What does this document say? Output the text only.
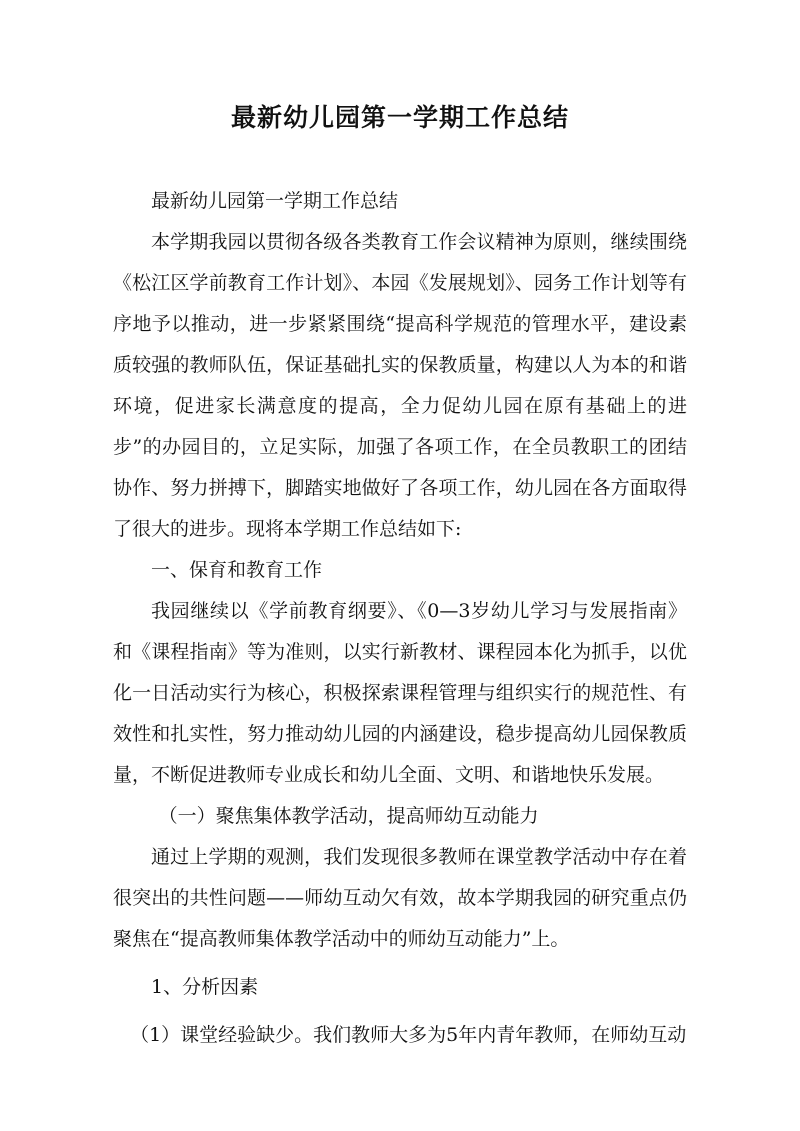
最新幼儿园第一学期工作总结

最新幼儿园第一学期工作总结

本学期我园以贯彻各级各类教育工作会议精神为原则，继续围绕《松江区学前教育工作计划》、本园《发展规划》、园务工作计划等有序地予以推动，进一步紧紧围绕“提高科学规范的管理水平，建设素质较强的教师队伍，保证基础扎实的保教质量，构建以人为本的和谐环境，促进家长满意度的提高，全力促幼儿园在原有基础上的进步”的办园目的，立足实际，加强了各项工作，在全员教职工的团结协作、努力拼搏下，脚踏实地做好了各项工作，幼儿园在各方面取得了很大的进步。现将本学期工作总结如下:

一、保育和教育工作

我园继续以《学前教育纲要》、《0—3岁幼儿学习与发展指南》和《课程指南》等为准则，以实行新教材、课程园本化为抓手，以优化一日活动实行为核心，积极探索课程管理与组织实行的规范性、有效性和扎实性，努力推动幼儿园的内涵建设，稳步提高幼儿园保教质量，不断促进教师专业成长和幼儿全面、文明、和谐地快乐发展。

（一）聚焦集体教学活动，提高师幼互动能力

通过上学期的观测，我们发现很多教师在课堂教学活动中存在着很突出的共性问题——师幼互动欠有效，故本学期我园的研究重点仍聚焦在“提高教师集体教学活动中的师幼互动能力”上。

1、分析因素

（1）课堂经验缺少。我们教师大多为5年内青年教师，在师幼互动
